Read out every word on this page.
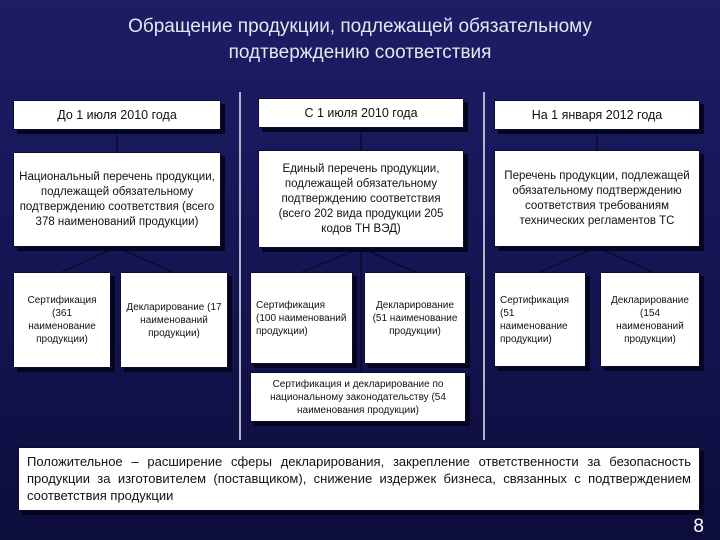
Обращение продукции, подлежащей обязательному
подтверждению соответствия
До 1 июля 2010 года	С 1 июля 2010 года	На 1 января 2012 года
Национальный перечень продукции, подлежащей обязательному подтверждению соответствия (всего 378 наименований продукции)
Единый перечень продукции, подлежащей обязательному подтверждению соответствия (всего 202 вида продукции 205 кодов ТН ВЭД)
Перечень продукции, подлежащей обязательному подтверждению соответствия требованиям технических регламентов ТС
Сертификация (361 наименование продукции)
Декларирование (17 наименований продукции)
Сертификация (100 наименований продукции)
Декларирование (51 наименование продукции)
Сертификация (51 наименование продукции)
Декларирование (154 наименований продукции)
Сертификация и декларирование по национальному законодательству (54 наименования продукции)
Положительное – расширение сферы декларирования, закрепление ответственности за безопасность продукции за изготовителем (поставщиком), снижение издержек бизнеса, связанных с подтверждением соответствия продукции
8
